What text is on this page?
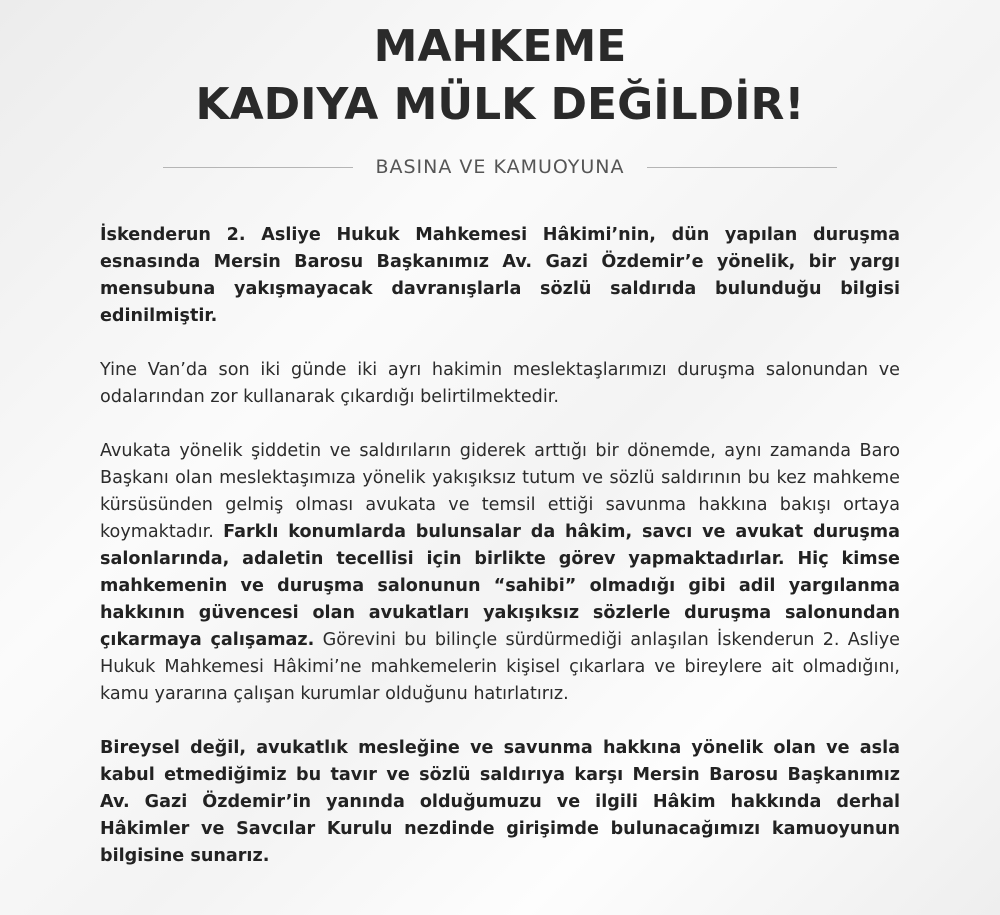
MAHKEME
KADIYA MÜLK DEĞİLDİR!
BASINA VE KAMUOYUNA

İskenderun 2. Asliye Hukuk Mahkemesi Hâkimi’nin, dün yapılan duruşma esnasında Mersin Barosu Başkanımız Av. Gazi Özdemir’e yönelik, bir yargı mensubuna yakışmayacak davranışlarla sözlü saldırıda bulunduğu bilgisi edinilmiştir.

Yine Van’da son iki günde iki ayrı hakimin meslektaşlarımızı duruşma salonundan ve odalarından zor kullanarak çıkardığı belirtilmektedir.

Avukata yönelik şiddetin ve saldırıların giderek arttığı bir dönemde, aynı zamanda Baro Başkanı olan meslektaşımıza yönelik yakışıksız tutum ve sözlü saldırının bu kez mahkeme kürsüsünden gelmiş olması avukata ve temsil ettiği savunma hakkına bakışı ortaya koymaktadır. Farklı konumlarda bulunsalar da hâkim, savcı ve avukat duruşma salonlarında, adaletin tecellisi için birlikte görev yapmaktadırlar. Hiç kimse mahkemenin ve duruşma salonunun “sahibi” olmadığı gibi adil yargılanma hakkının güvencesi olan avukatları yakışıksız sözlerle duruşma salonundan çıkarmaya çalışamaz. Görevini bu bilinçle sürdürmediği anlaşılan İskenderun 2. Asliye Hukuk Mahkemesi Hâkimi’ne mahkemelerin kişisel çıkarlara ve bireylere ait olmadığını, kamu yararına çalışan kurumlar olduğunu hatırlatırız.

Bireysel değil, avukatlık mesleğine ve savunma hakkına yönelik olan ve asla kabul etmediğimiz bu tavır ve sözlü saldırıya karşı Mersin Barosu Başkanımız Av. Gazi Özdemir’in yanında olduğumuzu ve ilgili Hâkim hakkında derhal Hâkimler ve Savcılar Kurulu nezdinde girişimde bulunacağımızı kamuoyunun bilgisine sunarız.
